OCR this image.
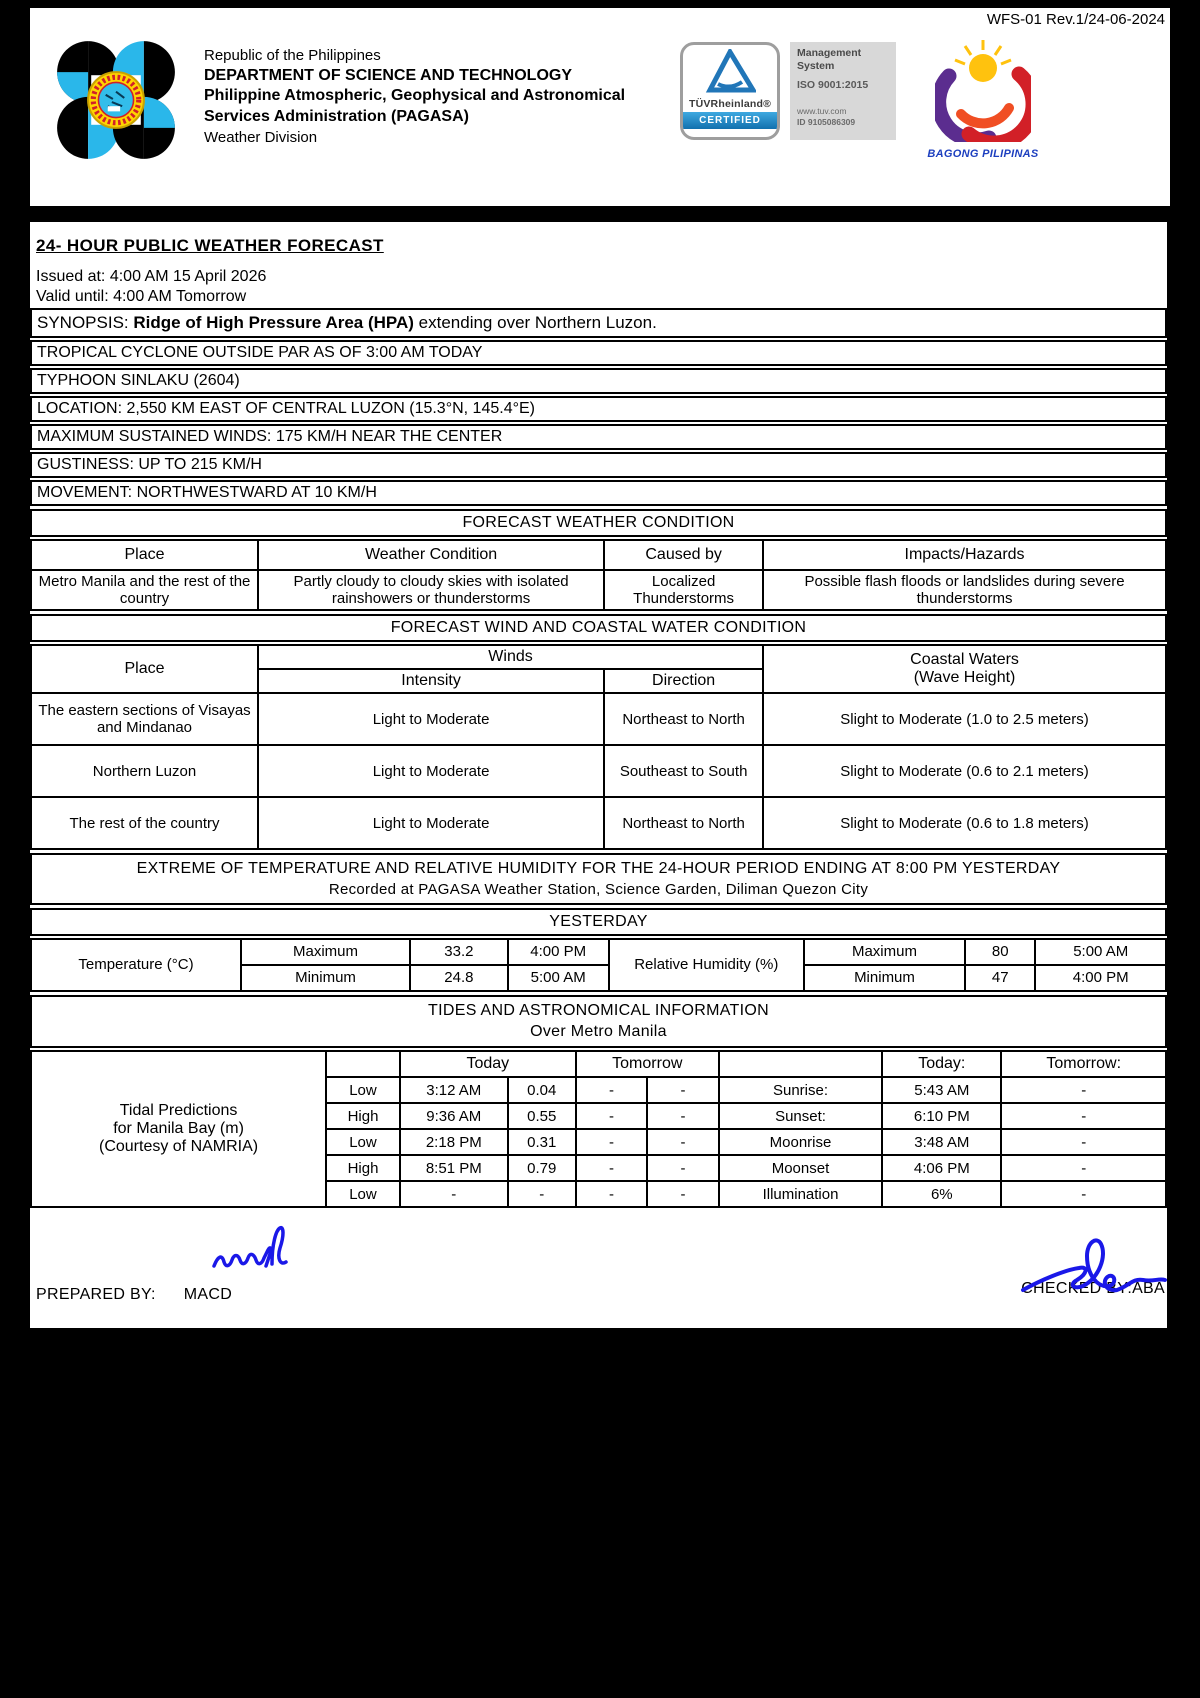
WFS-01 Rev.1/24-06-2024
Republic of the Philippines
DEPARTMENT OF SCIENCE AND TECHNOLOGY
Philippine Atmospheric, Geophysical and Astronomical
Services Administration (PAGASA)
Weather Division
TÜVRheinland®
CERTIFIED
Management
System
ISO 9001:2015
www.tuv.com
ID 9105086309
BAGONG PILIPINAS
24- HOUR PUBLIC WEATHER FORECAST
Issued at: 4:00 AM 15 April 2026
Valid until: 4:00 AM Tomorrow
SYNOPSIS: Ridge of High Pressure Area (HPA) extending over Northern Luzon.
TROPICAL CYCLONE OUTSIDE PAR AS OF 3:00 AM TODAY
TYPHOON SINLAKU (2604)
LOCATION: 2,550 KM EAST OF CENTRAL LUZON (15.3°N, 145.4°E)
MAXIMUM SUSTAINED WINDS: 175 KM/H NEAR THE CENTER
GUSTINESS: UP TO 215 KM/H
MOVEMENT: NORTHWESTWARD AT 10 KM/H
FORECAST WEATHER CONDITION
Place	Weather Condition	Caused by	Impacts/Hazards
Metro Manila and the rest of the country	Partly cloudy to cloudy skies with isolated rainshowers or thunderstorms	Localized Thunderstorms	Possible flash floods or landslides during severe thunderstorms
FORECAST WIND AND COASTAL WATER CONDITION
Place	Winds		Coastal Waters
(Wave Height)

	Intensity	Direction	
The eastern sections of Visayas and Mindanao	Light to Moderate	Northeast to North	Slight to Moderate (1.0 to 2.5 meters)
Northern Luzon	Light to Moderate	Southeast to South	Slight to Moderate (0.6 to 2.1 meters)
The rest of the country	Light to Moderate	Northeast to North	Slight to Moderate (0.6 to 1.8 meters)
EXTREME OF TEMPERATURE AND RELATIVE HUMIDITY FOR THE 24-HOUR PERIOD ENDING AT 8:00 PM YESTERDAY
Recorded at PAGASA Weather Station, Science Garden, Diliman Quezon City
YESTERDAY
Temperature (°C)	Maximum	33.2	4:00 PM	Relative Humidity (%)	Maximum	80	5:00 AM
	Minimum	24.8	5:00 AM		Minimum	47	4:00 PM
TIDES AND ASTRONOMICAL INFORMATION
Over Metro Manila
Tidal Predictions
for Manila Bay (m)
(Courtesy of NAMRIA)		Today		Tomorrow			Today:	Tomorrow:
	Low	3:12 AM	0.04	-	-	Sunrise:	5:43 AM	-
	High	9:36 AM	0.55	-	-	Sunset:	6:10 PM	-
	Low	2:18 PM	0.31	-	-	Moonrise	3:48 AM	-
	High	8:51 PM	0.79	-	-	Moonset	4:06 PM	-
	Low	-	-	-	-	Illumination	6%	-
PREPARED BY: MACD	CHECKED BY:ABA
